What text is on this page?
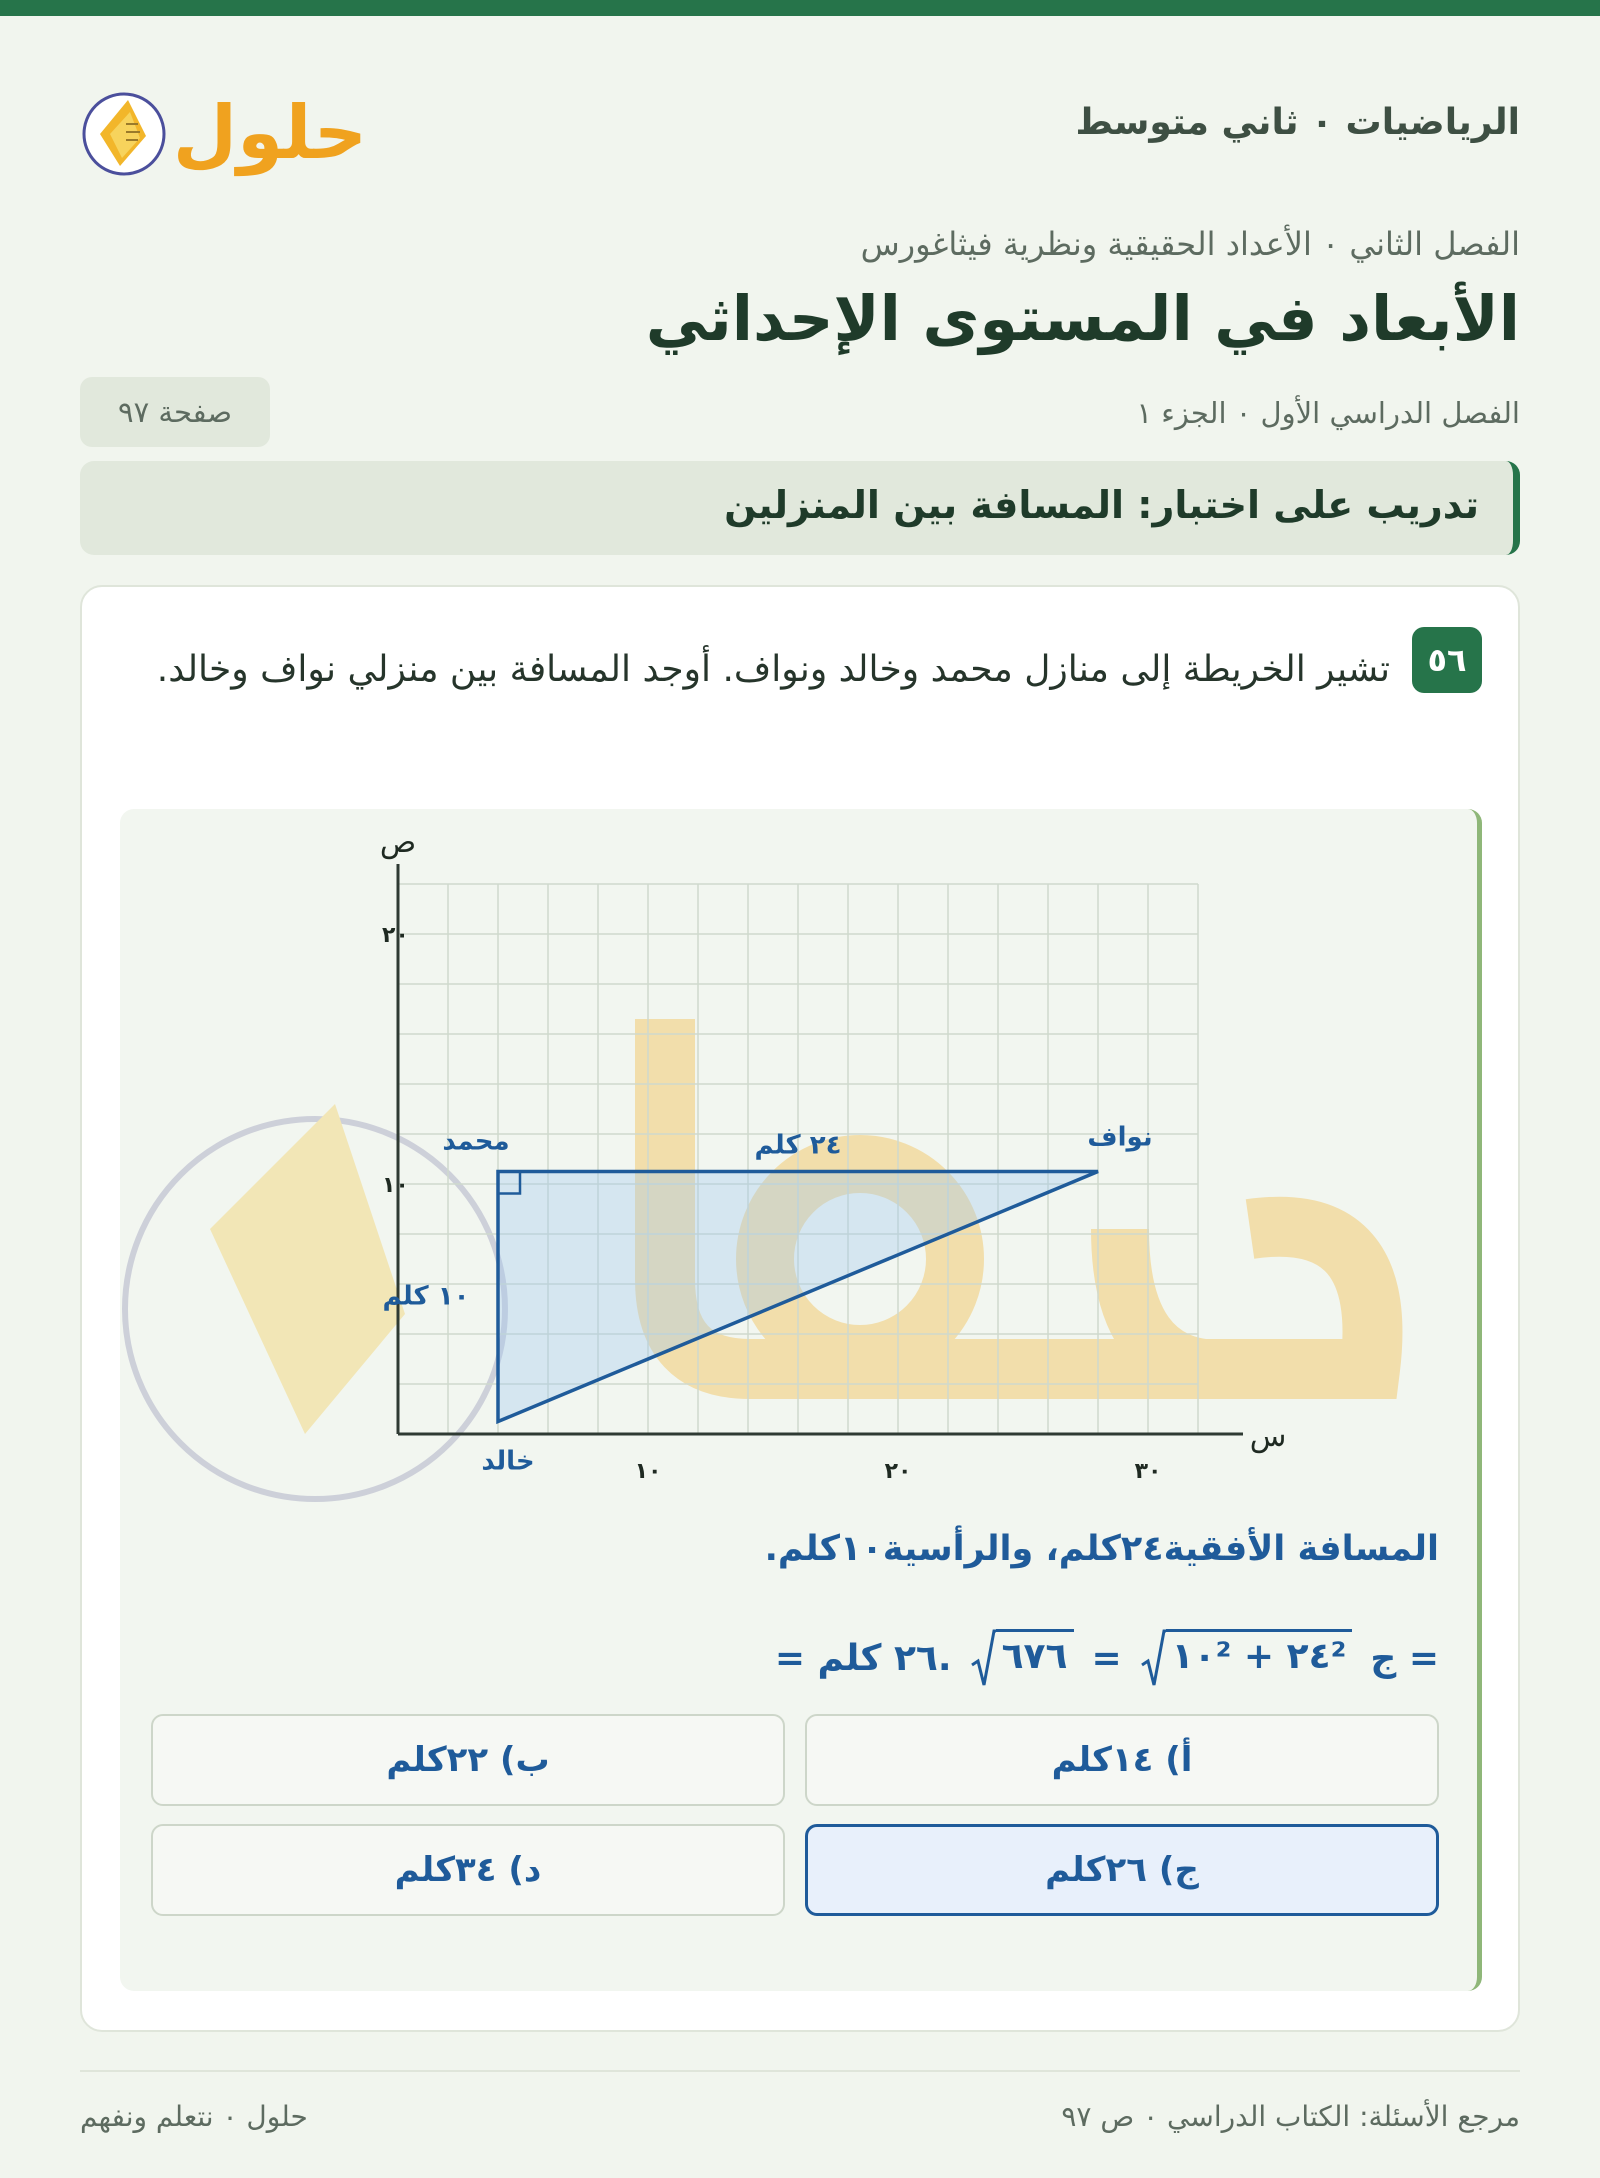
الرياضيات ٠ ثاني متوسط
حلول
الفصل الثاني ٠ الأعداد الحقيقية ونظرية فيثاغورس
الأبعاد في المستوى الإحداثي
الفصل الدراسي الأول ٠ الجزء ١
صفحة ٩٧
تدريب على اختبار: المسافة بين المنزلين
٥٦
تشير الخريطة إلى منازل محمد وخالد ونواف. أوجد المسافة بين منزلي نواف وخالد.
س
ص
١٠	٢٠	٣٠
١٠
٢٠
محمد	نواف
خالد
٢٤ كلم
١٠ كلم
المسافة الأفقية٢٤كلم، والرأسية١٠كلم.
= ٢٦ كلم. ٦٧٦ = ٢٤² + ١٠² ج =
أ) ١٤كلم
ب) ٢٢كلم
ج) ٢٦كلم
د) ٣٤كلم
مرجع الأسئلة: الكتاب الدراسي ٠ ص ٩٧
حلول ٠ نتعلم ونفهم
